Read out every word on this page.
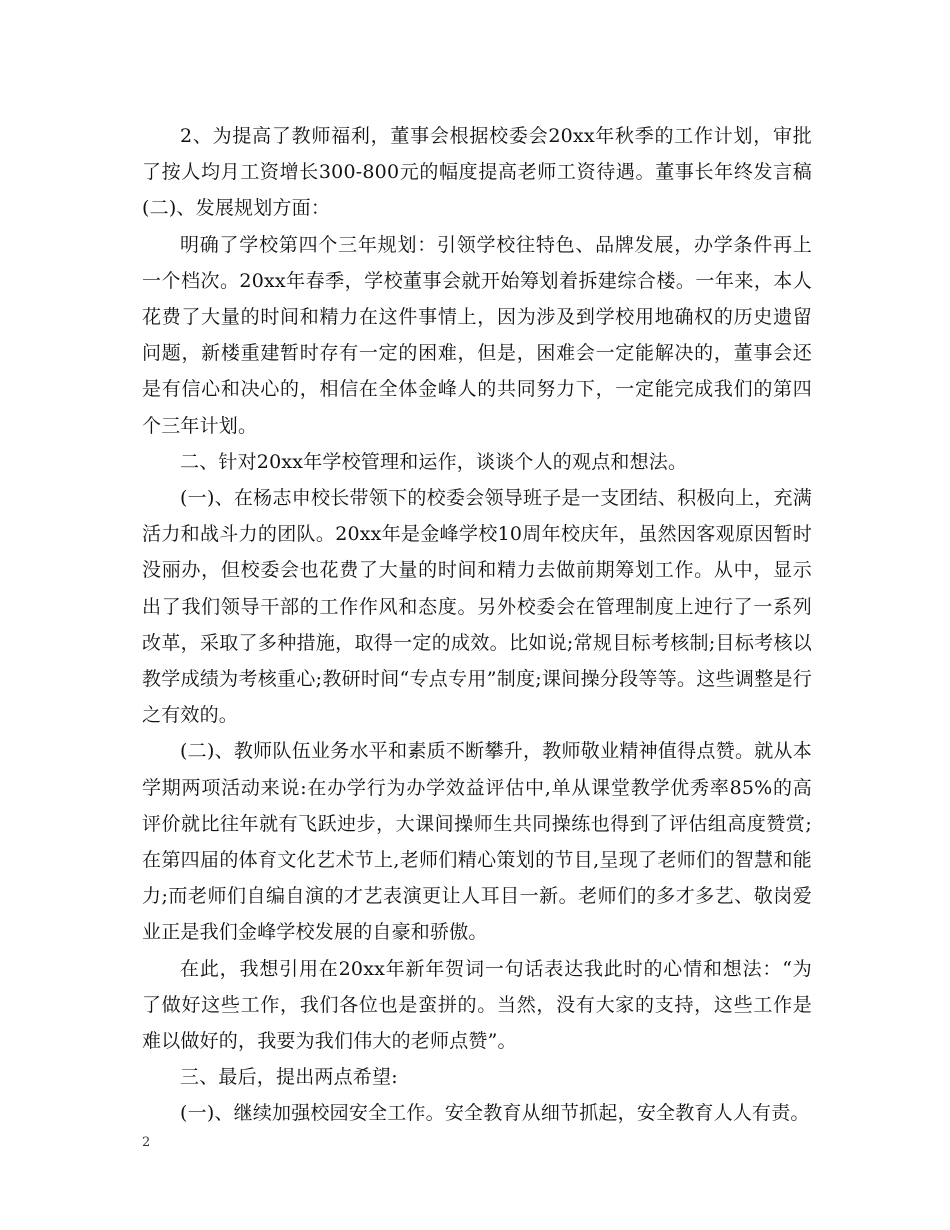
2、为提高了教师福利，董事会根据校委会20xx年秋季的工作计划，审批了按人均月工资增长300-800元的幅度提高老师工资待遇。董事长年终发言稿(二)、发展规划方面：

明确了学校第四个三年规划：引领学校往特色、品牌发展，办学条件再上一个档次。20xx年春季，学校董事会就开始筹划着拆建综合楼。一年来，本人花费了大量的时间和精力在这件事情上，因为涉及到学校用地确权的历史遗留问题，新楼重建暂时存有一定的困难，但是，困难会一定能解决的，董事会还是有信心和决心的，相信在全体金峰人的共同努力下，一定能完成我们的第四个三年计划。

二、针对20xx年学校管理和运作，谈谈个人的观点和想法。

(一)、在杨志申校长带领下的校委会领导班子是一支团结、积极向上，充满活力和战斗力的团队。20xx年是金峰学校10周年校庆年，虽然因客观原因暂时没丽办，但校委会也花费了大量的时间和精力去做前期筹划工作。从中，显示出了我们领导干部的工作作风和态度。另外校委会在管理制度上迚行了一系列改革，采取了多种措施，取得一定的成效。比如说;常规目标考核制;目标考核以教学成绩为考核重心;教研时间“专点专用”制度;课间操分段等等。这些调整是行之有效的。

(二)、教师队伍业务水平和素质不断攀升，教师敬业精神值得点赞。就从本学期两项活动来说:在办学行为办学效益评估中,单从课堂教学优秀率85%的高评价就比往年就有飞跃迚步，大课间操师生共同操练也得到了评估组高度赞赏;在第四届的体育文化艺术节上,老师们精心策划的节目,呈现了老师们的智慧和能力;而老师们自编自演的才艺表演更让人耳目一新。老师们的多才多艺、敬岗爱业正是我们金峰学校发展的自豪和骄傲。

在此，我想引用在20xx年新年贺词一句话表达我此时的心情和想法：“为了做好这些工作，我们各位也是蛮拼的。当然，没有大家的支持，这些工作是难以做好的，我要为我们伟大的老师点赞”。

三、最后，提出两点希望:

(一)、继续加强校园安全工作。安全教育从细节抓起，安全教育人人有责。

2
